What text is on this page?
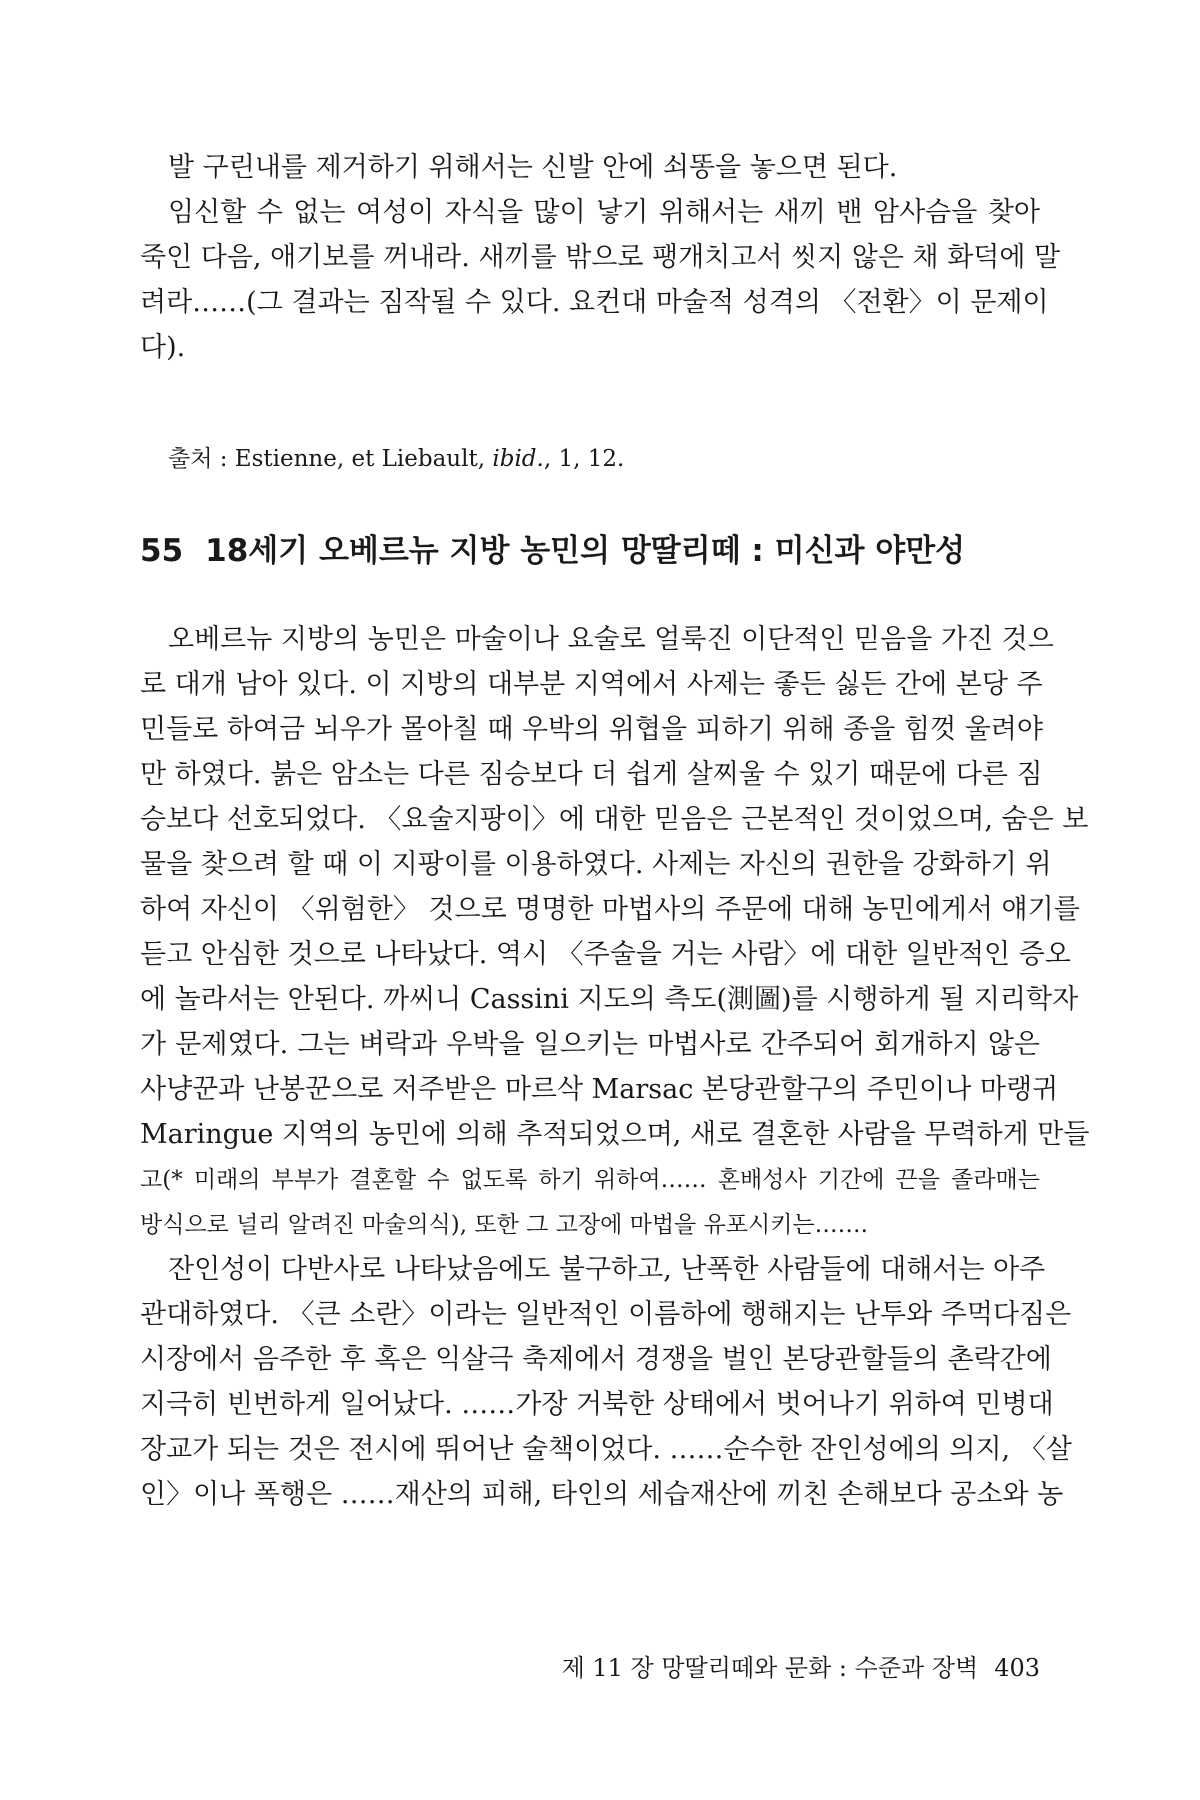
발 구린내를 제거하기 위해서는 신발 안에 쇠똥을 놓으면 된다.
임신할 수 없는 여성이 자식을 많이 낳기 위해서는 새끼 밴 암사슴을 찾아
죽인 다음, 애기보를 꺼내라. 새끼를 밖으로 팽개치고서 씻지 않은 채 화덕에 말
려라……(그 결과는 짐작될 수 있다. 요컨대 마술적 성격의 〈전환〉이 문제이
다).
출처 : Estienne, et Liebault, ibid., 1, 12.
55 18세기 오베르뉴 지방 농민의 망딸리떼 : 미신과 야만성
오베르뉴 지방의 농민은 마술이나 요술로 얼룩진 이단적인 믿음을 가진 것으
로 대개 남아 있다. 이 지방의 대부분 지역에서 사제는 좋든 싫든 간에 본당 주
민들로 하여금 뇌우가 몰아칠 때 우박의 위협을 피하기 위해 종을 힘껏 울려야
만 하였다. 붉은 암소는 다른 짐승보다 더 쉽게 살찌울 수 있기 때문에 다른 짐
승보다 선호되었다. 〈요술지팡이〉에 대한 믿음은 근본적인 것이었으며, 숨은 보
물을 찾으려 할 때 이 지팡이를 이용하였다. 사제는 자신의 권한을 강화하기 위
하여 자신이 〈위험한〉 것으로 명명한 마법사의 주문에 대해 농민에게서 얘기를
듣고 안심한 것으로 나타났다. 역시 〈주술을 거는 사람〉에 대한 일반적인 증오
에 놀라서는 안된다. 까씨니 Cassini 지도의 측도(測圖)를 시행하게 될 지리학자
가 문제였다. 그는 벼락과 우박을 일으키는 마법사로 간주되어 회개하지 않은
사냥꾼과 난봉꾼으로 저주받은 마르삭 Marsac 본당관할구의 주민이나 마랭귀
Maringue 지역의 농민에 의해 추적되었으며, 새로 결혼한 사람을 무력하게 만들
고(* 미래의 부부가 결혼할 수 없도록 하기 위하여…… 혼배성사 기간에 끈을 졸라매는
방식으로 널리 알려진 마술의식), 또한 그 고장에 마법을 유포시키는…….
잔인성이 다반사로 나타났음에도 불구하고, 난폭한 사람들에 대해서는 아주
관대하였다. 〈큰 소란〉이라는 일반적인 이름하에 행해지는 난투와 주먹다짐은
시장에서 음주한 후 혹은 익살극 축제에서 경쟁을 벌인 본당관할들의 촌락간에
지극히 빈번하게 일어났다. ……가장 거북한 상태에서 벗어나기 위하여 민병대
장교가 되는 것은 전시에 뛰어난 술책이었다. ……순수한 잔인성에의 의지, 〈살
인〉이나 폭행은 ……재산의 피해, 타인의 세습재산에 끼친 손해보다 공소와 농
제 11 장 망딸리떼와 문화 : 수준과 장벽 403
